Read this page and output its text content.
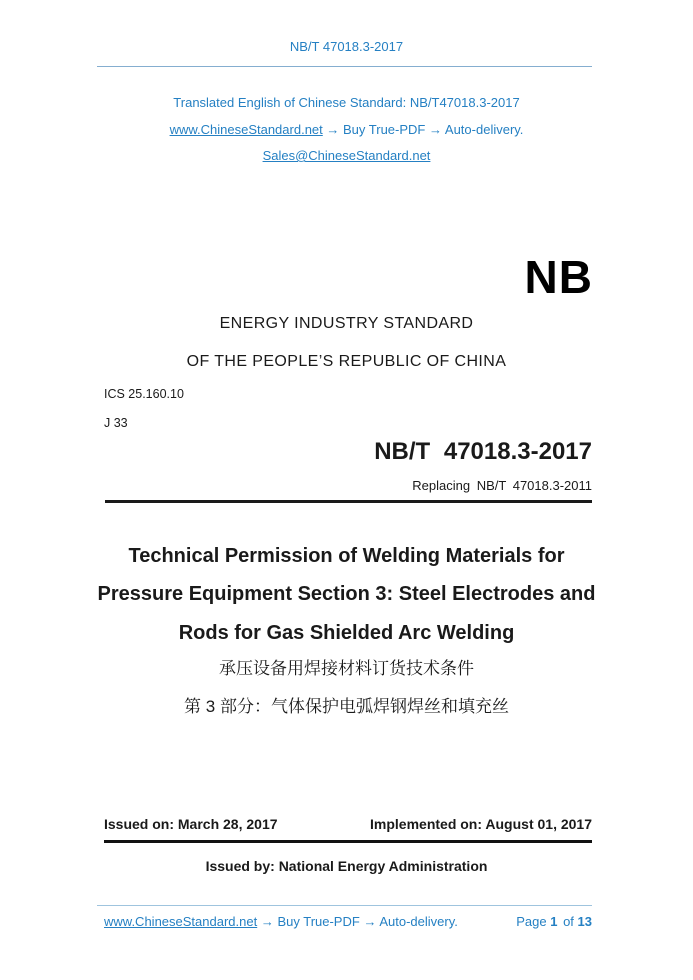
NB/T 47018.3-2017
Translated English of Chinese Standard: NB/T47018.3-2017
www.ChineseStandard.net → Buy True-PDF → Auto-delivery.
Sales@ChineseStandard.net
NB
ENERGY INDUSTRY STANDARD
OF THE PEOPLE’S REPUBLIC OF CHINA
ICS 25.160.10
J 33
NB/T 47018.3-2017
Replacing NB/T 47018.3-2011
Technical Permission of Welding Materials for
Pressure Equipment Section 3: Steel Electrodes and
Rods for Gas Shielded Arc Welding
承压设备用焊接材料订货技术条件
第 3 部分：气体保护电弧焊钢焊丝和填充丝
Issued on: March 28, 2017	Implemented on: August 01, 2017
Issued by: National Energy Administration
www.ChineseStandard.net → Buy True-PDF → Auto-delivery.	Page 1 of 13
